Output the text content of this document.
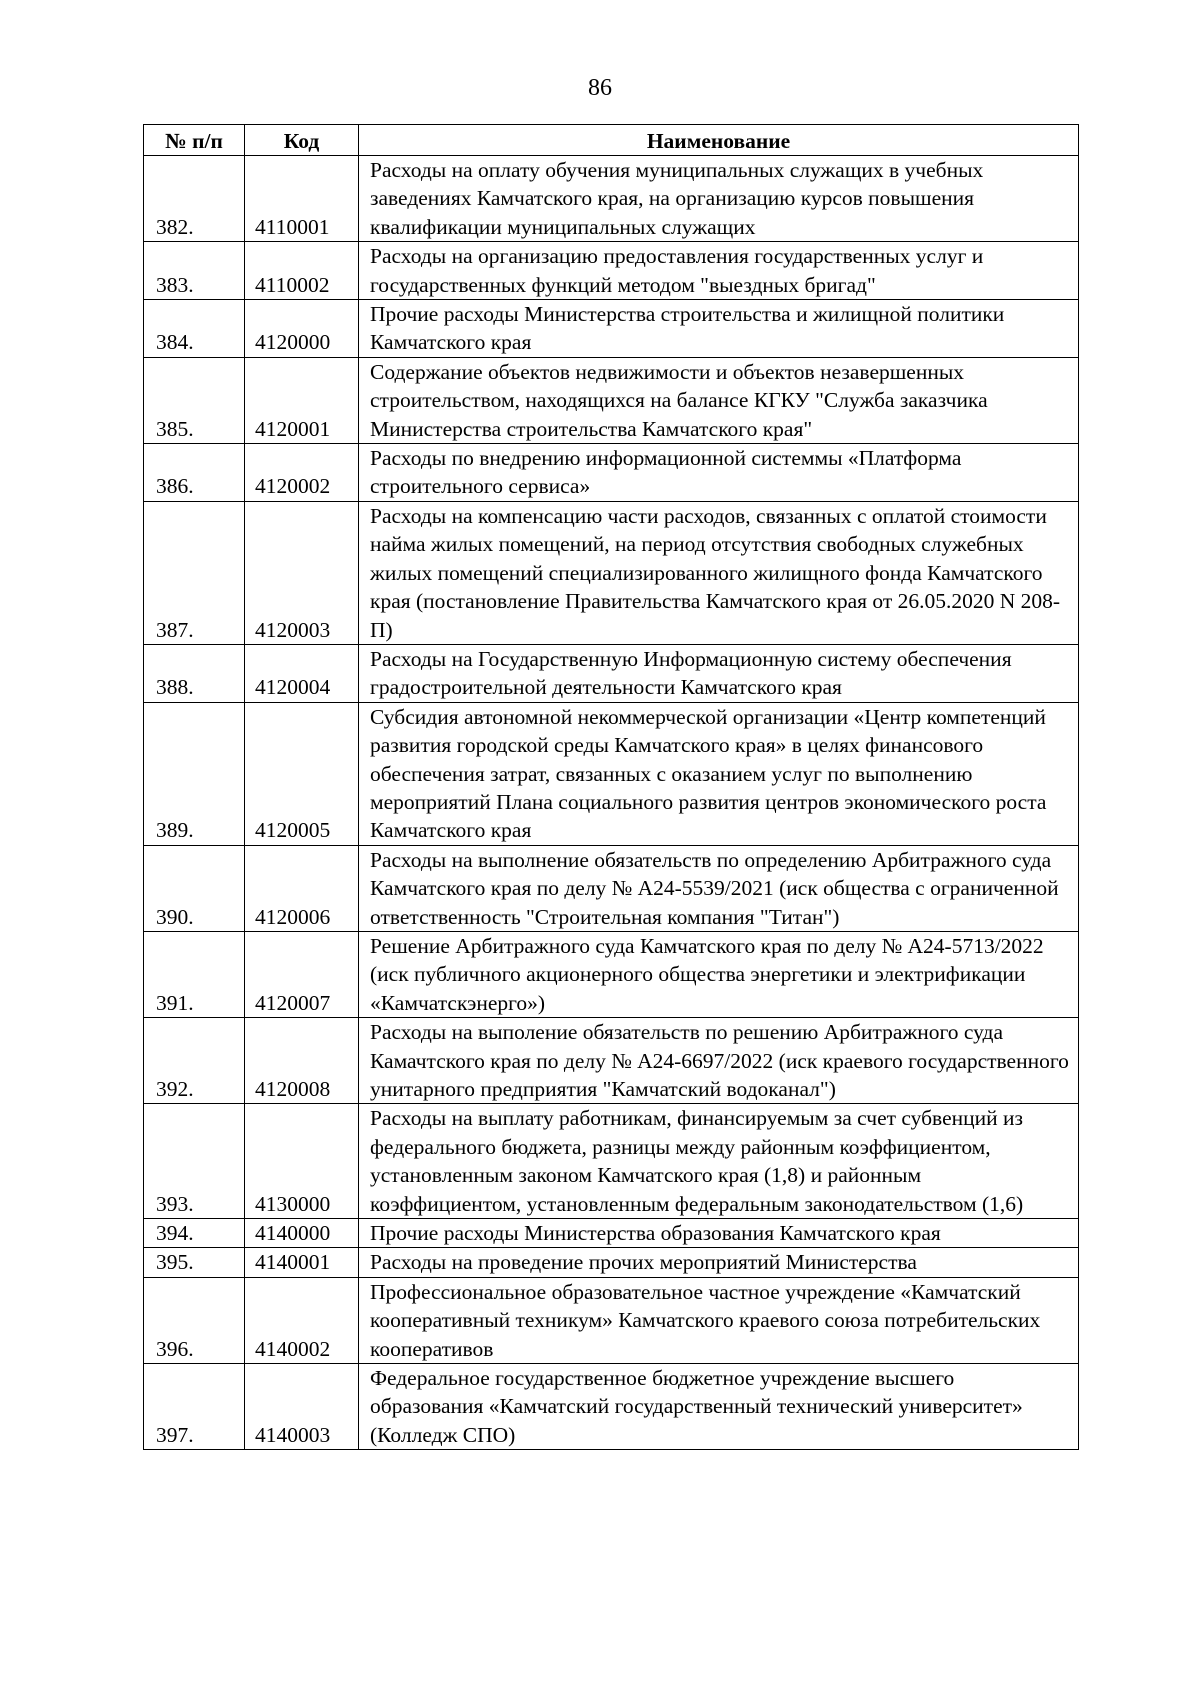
86
№ п/п	Код	Наименование
382.	4110001	Расходы на оплату обучения муниципальных служащих в учебных заведениях Камчатского края, на организацию курсов повышения квалификации муниципальных служащих
383.	4110002	Расходы на организацию предоставления государственных услуг и государственных функций методом "выездных бригад"
384.	4120000	Прочие расходы Министерства строительства и жилищной политики Камчатского края
385.	4120001	Содержание объектов недвижимости и объектов незавершенных строительством, находящихся на балансе КГКУ "Служба заказчика Министерства строительства Камчатского края"
386.	4120002	Расходы по внедрению информационной системмы «Платформа строительного сервиса»
387.	4120003	Расходы на компенсацию части расходов, связанных с оплатой стоимости найма жилых помещений, на период отсутствия свободных служебных жилых помещений специализированного жилищного фонда Камчатского края (постановление Правительства Камчатского края от 26.05.2020 N 208-П)
388.	4120004	Расходы на Государственную Информационную систему обеспечения градостроительной деятельности Камчатского края
389.	4120005	Субсидия автономной некоммерческой организации «Центр компетенций развития городской среды Камчатского края» в целях финансового обеспечения затрат, связанных с оказанием услуг по выполнению мероприятий Плана социального развития центров экономического роста Камчатского края
390.	4120006	Расходы на выполнение обязательств по определению Арбитражного суда Камчатского края по делу № А24-5539/2021 (иск общества с ограниченной ответственность "Строительная компания "Титан")
391.	4120007	Решение Арбитражного суда Камчатского края по делу № А24-5713/2022 (иск публичного акционерного общества энергетики и электрификации «Камчатскэнерго»)
392.	4120008	Расходы на выполение обязательств по решению Арбитражного суда Камачтского края по делу № А24-6697/2022 (иск краевого государственного унитарного предприятия "Камчатский водоканал")
393.	4130000	Расходы на выплату работникам, финансируемым за счет субвенций из федерального бюджета, разницы между районным коэффициентом, установленным законом Камчатского края (1,8) и районным коэффициентом, установленным федеральным законодательством (1,6)
394.	4140000	Прочие расходы Министерства образования Камчатского края
395.	4140001	Расходы на проведение прочих мероприятий Министерства
396.	4140002	Профессиональное образовательное частное учреждение «Камчатский кооперативный техникум» Камчатского краевого союза потребительских кооперативов
397.	4140003	Федеральное государственное бюджетное учреждение высшего образования «Камчатский государственный технический университет» (Колледж СПО)
